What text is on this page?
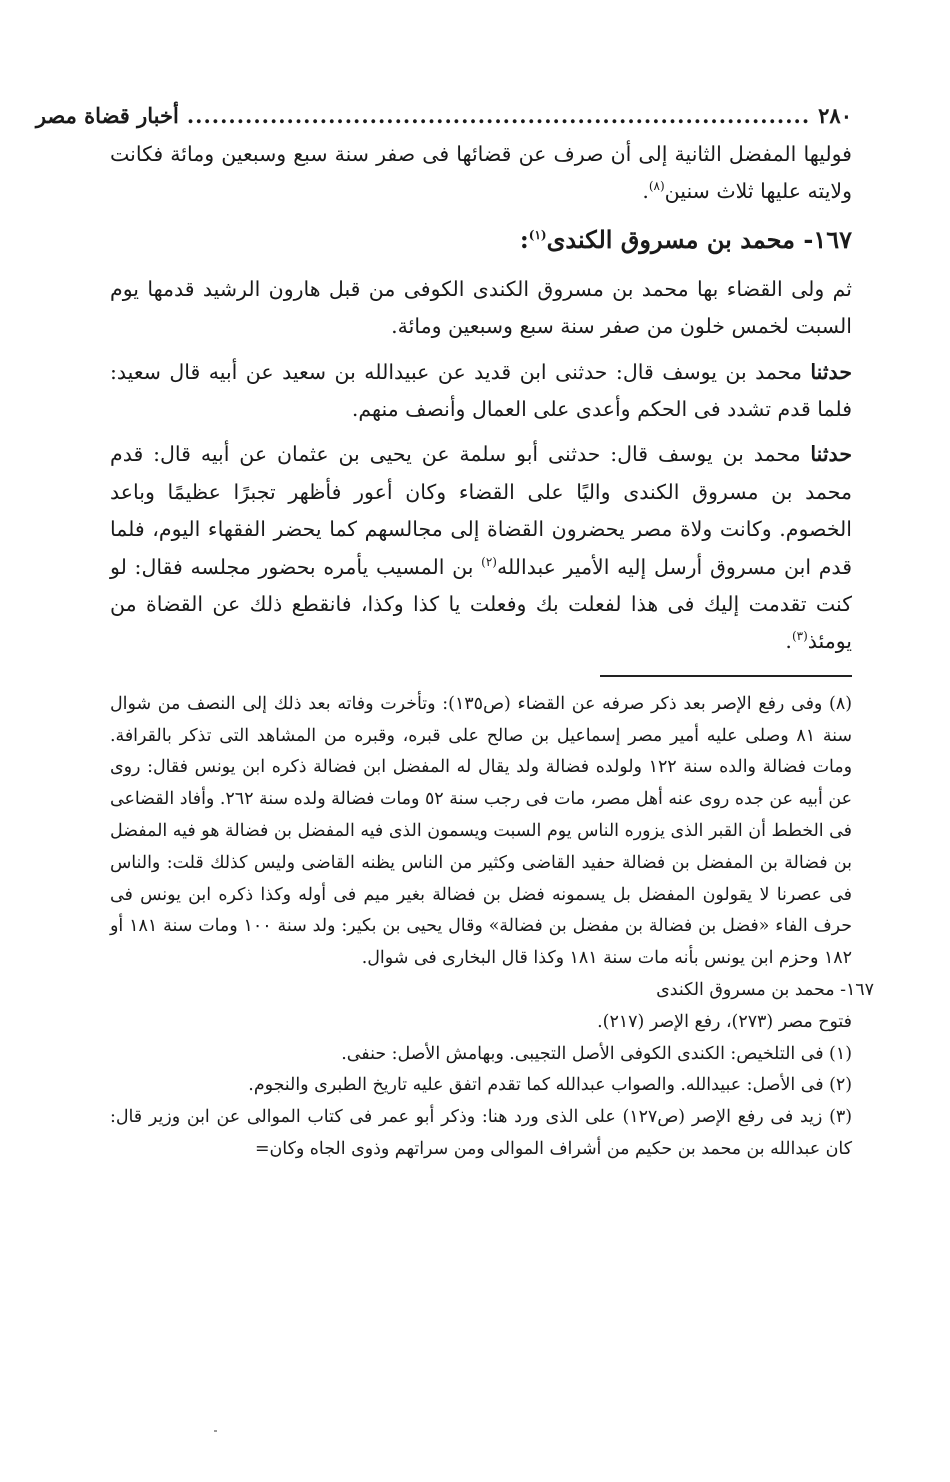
٢٨٠
...........................................................................
أخبار قضاة مصر

فوليها المفضل الثانية إلى أن صرف عن قضائها فى صفر سنة سبع وسبعين ومائة فكانت ولايته عليها ثلاث سنين$^{(٨)}$.

١٦٧- محمد بن مسروق الكندى$^{(١)}$:

ثم ولى القضاء بها محمد بن مسروق الكندى الكوفى من قبل هارون الرشيد قدمها يوم السبت لخمس خلون من صفر سنة سبع وسبعين ومائة.

حدثنا محمد بن يوسف قال: حدثنى ابن قديد عن عبيدالله بن سعيد عن أبيه قال سعيد: فلما قدم تشدد فى الحكم وأعدى على العمال وأنصف منهم.

حدثنا محمد بن يوسف قال: حدثنى أبو سلمة عن يحيى بن عثمان عن أبيه قال: قدم محمد بن مسروق الكندى واليًا على القضاء وكان أعور فأظهر تجبرًا عظيمًا وباعد الخصوم. وكانت ولاة مصر يحضرون القضاة إلى مجالسهم كما يحضر الفقهاء اليوم، فلما قدم ابن مسروق أرسل إليه الأمير عبدالله$^{(٢)}$ بن المسيب يأمره بحضور مجلسه فقال: لو كنت تقدمت إليك فى هذا لفعلت بك وفعلت يا كذا وكذا، فانقطع ذلك عن القضاة من يومئذ$^{(٣)}$.

(٨) وفى رفع الإصر بعد ذكر صرفه عن القضاء (ص١٣٥): وتأخرت وفاته بعد ذلك إلى النصف من شوال سنة ٨١ وصلى عليه أمير مصر إسماعيل بن صالح على قبره، وقبره من المشاهد التى تذكر بالقرافة. ومات فضالة والده سنة ١٢٢ ولولده فضالة ولد يقال له المفضل ابن فضالة ذكره ابن يونس فقال: روى عن أبيه عن جده روى عنه أهل مصر، مات فى رجب سنة ٥٢ ومات فضالة ولده سنة ٢٦٢. وأفاد القضاعى فى الخطط أن القبر الذى يزوره الناس يوم السبت ويسمون الذى فيه المفضل بن فضالة هو فيه المفضل بن فضالة بن المفضل بن فضالة حفيد القاضى وكثير من الناس يظنه القاضى وليس كذلك قلت: والناس فى عصرنا لا يقولون المفضل بل يسمونه فضل بن فضالة بغير ميم فى أوله وكذا ذكره ابن يونس فى حرف الفاء «فضل بن فضالة بن مفضل بن فضالة» وقال يحيى بن بكير: ولد سنة ١٠٠ ومات سنة ١٨١ أو ١٨٢ وحزم ابن يونس بأنه مات سنة ١٨١ وكذا قال البخارى فى شوال.

١٦٧- محمد بن مسروق الكندى

فتوح مصر (٢٧٣)، رفع الإصر (٢١٧).

(١) فى التلخيص: الكندى الكوفى الأصل التجيبى. وبهامش الأصل: حنفى.

(٢) فى الأصل: عبيدالله. والصواب عبدالله كما تقدم اتفق عليه تاريخ الطبرى والنجوم.

(٣) زيد فى رفع الإصر (ص١٢٧) على الذى ورد هنا: وذكر أبو عمر فى كتاب الموالى عن ابن وزير قال: كان عبدالله بن محمد بن حكيم من أشراف الموالى ومن سراتهم وذوى الجاه وكان=
